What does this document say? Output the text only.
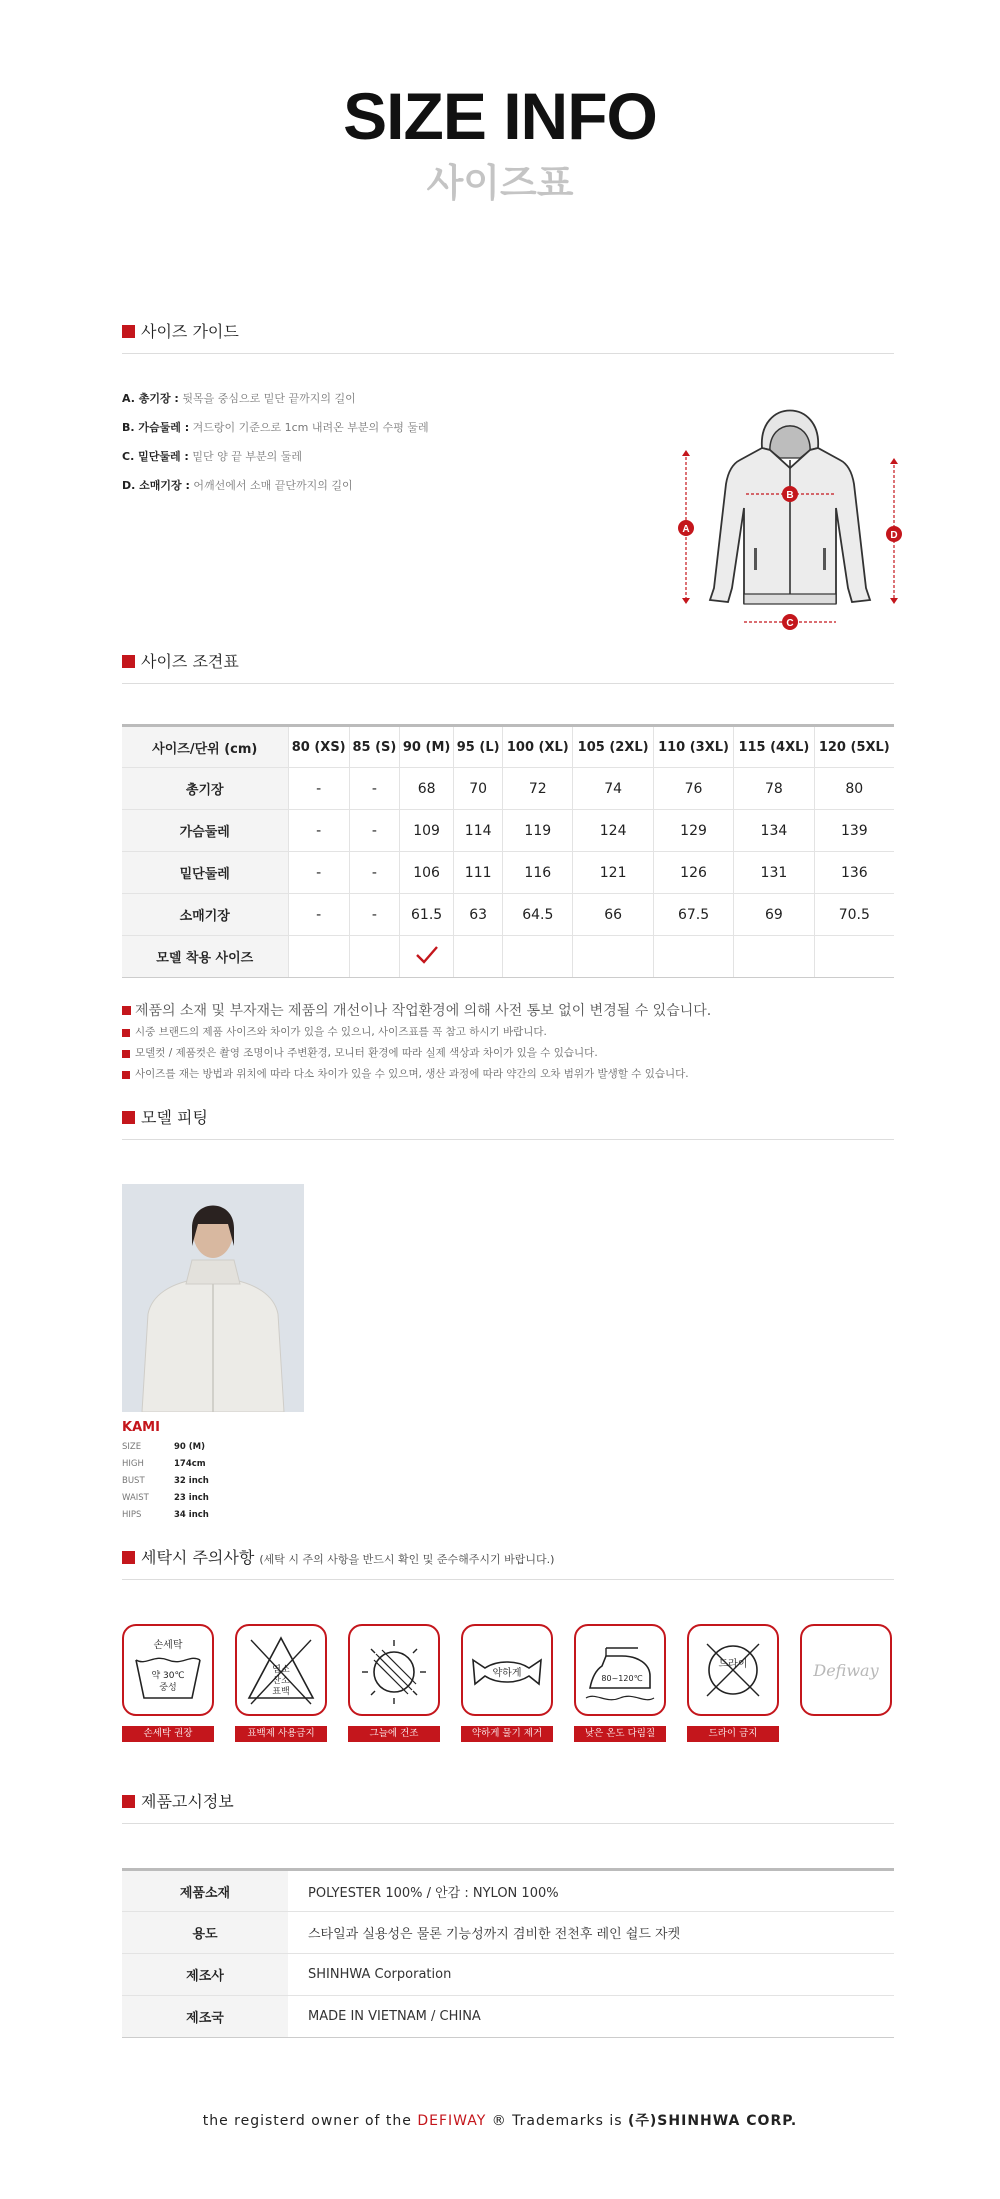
SIZE INFO
사이즈표
사이즈 가이드
A. 총기장 : 뒷목을 중심으로 밑단 끝까지의 길이
B. 가슴둘레 : 겨드랑이 기준으로 1cm 내려온 부분의 수평 둘레
C. 밑단둘레 : 밑단 양 끝 부분의 둘레
D. 소매기장 : 어깨선에서 소매 끝단까지의 길이
B
C
A
D
사이즈 조견표
사이즈/단위 (cm)	80 (XS)	85 (S)	90 (M)	95 (L)	100 (XL)	105 (2XL)	110 (3XL)	115 (4XL)	120 (5XL)
총기장	-	-	68	70	72	74	76	78	80
가슴둘레	-	-	109	114	119	124	129	134	139
밑단둘레	-	-	106	111	116	121	126	131	136
소매기장	-	-	61.5	63	64.5	66	67.5	69	70.5
모델 착용 사이즈									
제품의 소재 및 부자재는 제품의 개선이나 작업환경에 의해 사전 통보 없이 변경될 수 있습니다.
시중 브랜드의 제품 사이즈와 차이가 있을 수 있으니, 사이즈표를 꼭 참고 하시기 바랍니다.
모델컷 / 제품컷은 촬영 조명이나 주변환경, 모니터 환경에 따라 실제 색상과 차이가 있을 수 있습니다.
사이즈를 재는 방법과 위치에 따라 다소 차이가 있을 수 있으며, 생산 과정에 따라 약간의 오차 범위가 발생할 수 있습니다.
모델 피팅
KAMI
SIZE	90 (M)
HIGH	174cm
BUST	32 inch
WAIST	23 inch
HIPS	34 inch
세탁시 주의사항 (세탁 시 주의 사항을 반드시 확인 및 준수해주시기 바랍니다.)
손세탁
약 30℃
중성
손세탁 권장
염소
산소
표백
표백제 사용금지	그늘에 건조
약하게
약하게 물기 제거
80~120℃
낮은 온도 다림질
드라이
드라이 금지
Defiway
제품고시정보
제품소재	POLYESTER 100% / 안감 : NYLON 100%
용도	스타일과 실용성은 물론 기능성까지 겸비한 전천후 레인 쉴드 자켓
제조사	SHINHWA Corporation
제조국	MADE IN VIETNAM / CHINA
the registerd owner of the DEFIWAY ® Trademarks is (주)SHINHWA CORP.
